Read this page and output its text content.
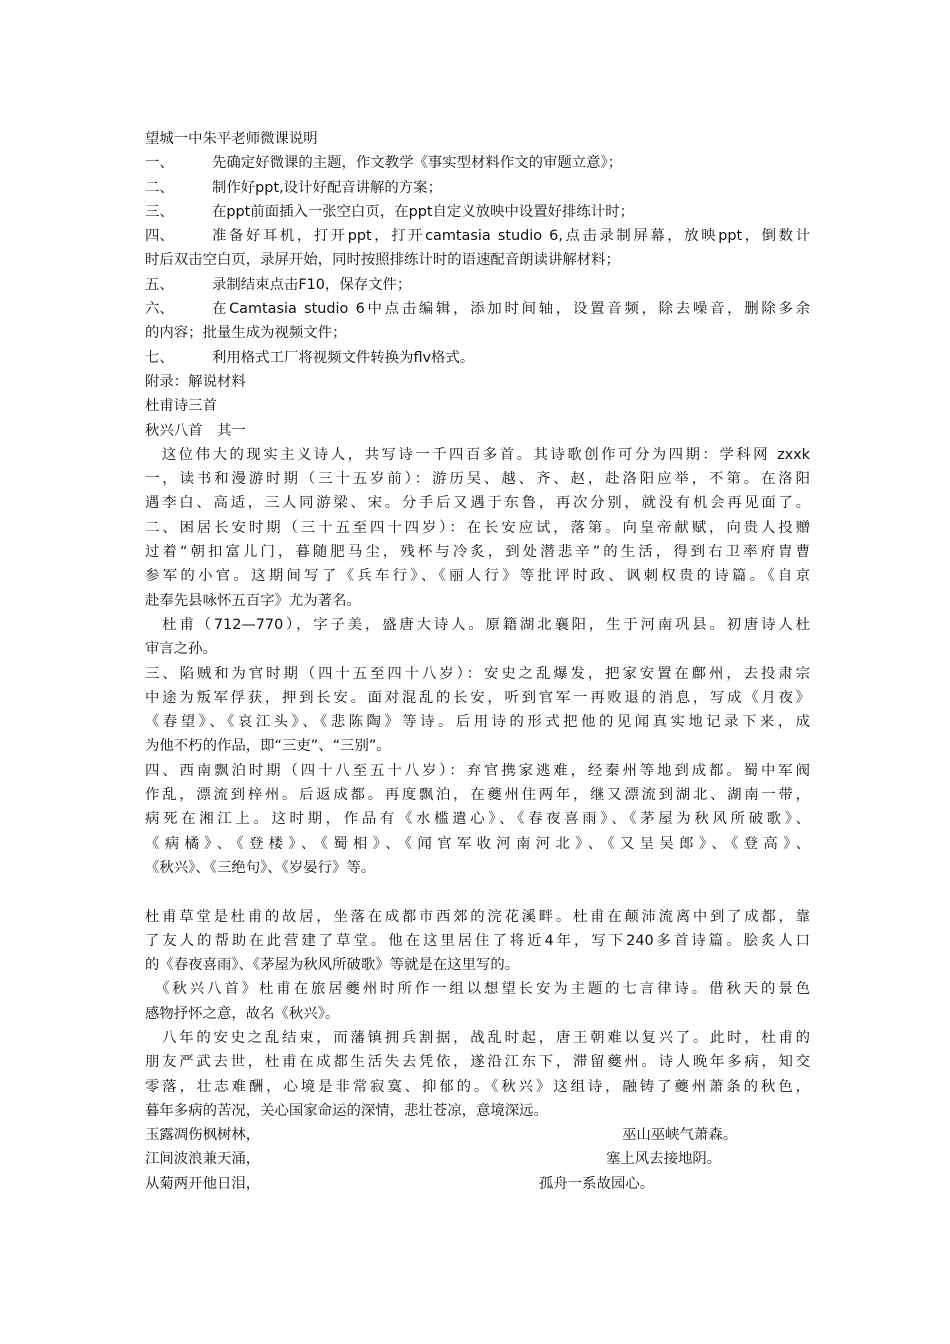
望城一中朱平老师微课说明
一、	先确定好微课的主题，作文教学《事实型材料作文的审题立意》；
二、	制作好ppt,设计好配音讲解的方案；
三、	在ppt前面插入一张空白页，在ppt自定义放映中设置好排练计时；
四、	准备好耳机，打开ppt，打开camtasia studio 6,点击录制屏幕，放映ppt，倒数计
时后双击空白页，录屏开始，同时按照排练计时的语速配音朗读讲解材料；
五、	录制结束点击F10，保存文件；
六、	在Camtasia studio 6中点击编辑，添加时间轴，设置音频，除去噪音，删除多余
的内容；批量生成为视频文件；
七、	利用格式工厂将视频文件转换为flv格式。
附录：解说材料
杜甫诗三首
秋兴八首　其一
　这位伟大的现实主义诗人，共写诗一千四百多首。其诗歌创作可分为四期：学科网 zxxk
一，读书和漫游时期（三十五岁前）：游历吴、越、齐、赵，赴洛阳应举，不第。在洛阳
遇李白、高适，三人同游梁、宋。分手后又遇于东鲁，再次分别，就没有机会再见面了。
二、困居长安时期（三十五至四十四岁）：在长安应试，落第。向皇帝献赋，向贵人投赠
过着“朝扣富儿门，暮随肥马尘，残杯与冷炙，到处潜悲辛”的生活，得到右卫率府胄曹
参军的小官。这期间写了《兵车行》、《丽人行》等批评时政、讽刺权贵的诗篇。《自京
赴奉先县咏怀五百字》尤为著名。
　杜甫（712—770），字子美，盛唐大诗人。原籍湖北襄阳，生于河南巩县。初唐诗人杜
审言之孙。
三、陷贼和为官时期（四十五至四十八岁）：安史之乱爆发，把家安置在鄜州，去投肃宗
中途为叛军俘获，押到长安。面对混乱的长安，听到官军一再败退的消息，写成《月夜》
《春望》、《哀江头》、《悲陈陶》等诗。后用诗的形式把他的见闻真实地记录下来，成
为他不朽的作品，即“三吏”、“三别”。
四、西南飘泊时期（四十八至五十八岁）：弃官携家逃难，经秦州等地到成都。蜀中军阀
作乱，漂流到梓州。后返成都。再度飘泊，在夔州住两年，继又漂流到湖北、湖南一带，
病死在湘江上。这时期，作品有《水槛遣心》、《春夜喜雨》、《茅屋为秋风所破歌》、
《病橘》、《登楼》、《蜀相》、《闻官军收河南河北》、《又呈吴郎》、《登高》、
《秋兴》、《三绝句》、《岁晏行》等。
杜甫草堂是杜甫的故居，坐落在成都市西郊的浣花溪畔。杜甫在颠沛流离中到了成都，靠
了友人的帮助在此营建了草堂。他在这里居住了将近4年，写下240多首诗篇。脍炙人口
的《春夜喜雨》、《茅屋为秋风所破歌》等就是在这里写的。
　《秋兴八首》杜甫在旅居夔州时所作一组以想望长安为主题的七言律诗。借秋天的景色
感物抒怀之意，故名《秋兴》。
　八年的安史之乱结束，而藩镇拥兵割据，战乱时起，唐王朝难以复兴了。此时，杜甫的
朋友严武去世，杜甫在成都生活失去凭依，遂沿江东下，滞留夔州。诗人晚年多病，知交
零落，壮志难酬，心境是非常寂寞、抑郁的。《秋兴》这组诗，融铸了夔州萧条的秋色，
暮年多病的苦况，关心国家命运的深情，悲壮苍凉，意境深远。
玉露凋伤枫树林，	巫山巫峡气萧森。
江间波浪兼天涌，	塞上风去接地阴。
从菊两开他日泪，	孤舟一系故园心。
